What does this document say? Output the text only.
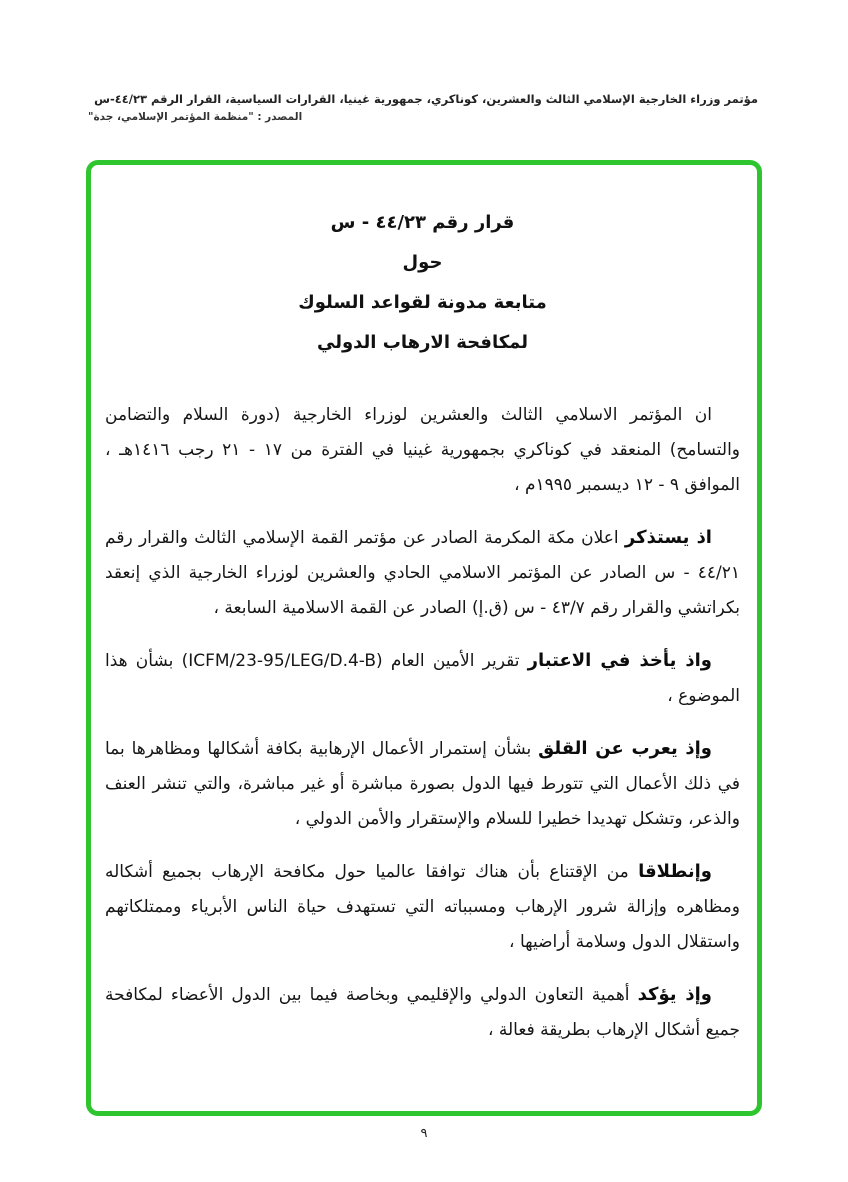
مؤتمر وزراء الخارجية الإسلامي الثالث والعشرين، كوناكري، جمهورية غينيا، القرارات السياسية، القرار الرقم ٤٤/٢٣-س
المصدر : "منظمة المؤتمر الإسلامي، جدة"
قرار رقم ٤٤/٢٣ - س
حول
متابعة مدونة لقواعد السلوك
لمكافحة الارهاب الدولي

ان المؤتمر الاسلامي الثالث والعشرين لوزراء الخارجية (دورة السلام والتضامن والتسامح) المنعقد في كوناكري بجمهورية غينيا في الفترة من ١٧ - ٢١ رجب ١٤١٦هـ ، الموافق ٩ - ١٢ ديسمبر ١٩٩٥م ،

اذ يستذكر اعلان مكة المكرمة الصادر عن مؤتمر القمة الإسلامي الثالث والقرار رقم ٤٤/٢١ - س الصادر عن المؤتمر الاسلامي الحادي والعشرين لوزراء الخارجية الذي إنعقد بكراتشي والقرار رقم ٤٣/٧ - س (ق.إ) الصادر عن القمة الاسلامية السابعة ،

واذ يأخذ في الاعتبار تقرير الأمين العام (ICFM/23-95/LEG/D.4-B) بشأن هذا الموضوع ،

وإذ يعرب عن القلق بشأن إستمرار الأعمال الإرهابية بكافة أشكالها ومظاهرها بما في ذلك الأعمال التي تتورط فيها الدول بصورة مباشرة أو غير مباشرة، والتي تنشر العنف والذعر، وتشكل تهديدا خطيرا للسلام والإستقرار والأمن الدولي ،

وإنطلاقا من الإقتناع بأن هناك توافقا عالميا حول مكافحة الإرهاب بجميع أشكاله ومظاهره وإزالة شرور الإرهاب ومسبباته التي تستهدف حياة الناس الأبرياء وممتلكاتهم واستقلال الدول وسلامة أراضيها ،

وإذ يؤكد أهمية التعاون الدولي والإقليمي وبخاصة فيما بين الدول الأعضاء لمكافحة جميع أشكال الإرهاب بطريقة فعالة ،

٩
